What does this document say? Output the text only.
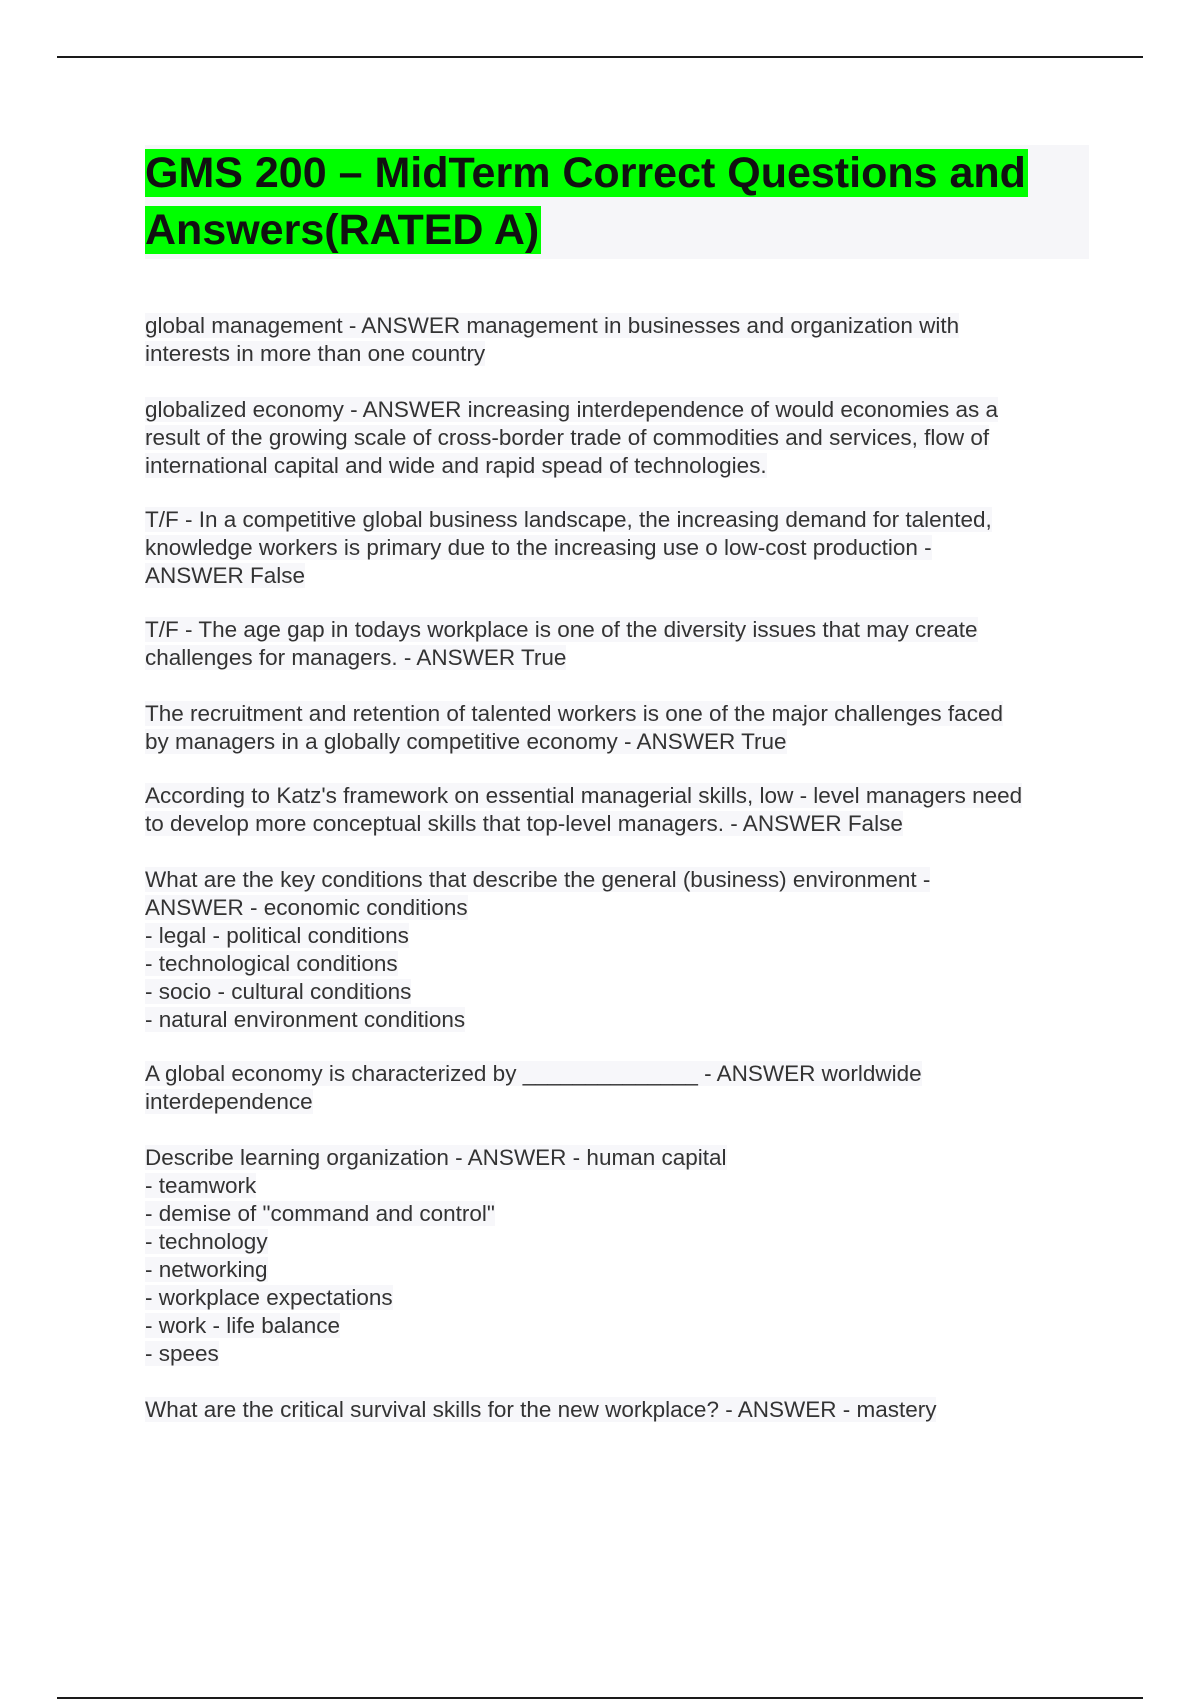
GMS 200 – MidTerm Correct Questions and Answers(RATED A)
global management - ANSWER management in businesses and organization with
interests in more than one country
globalized economy - ANSWER increasing interdependence of would economies as a
result of the growing scale of cross-border trade of commodities and services, flow of
international capital and wide and rapid spead of technologies.
T/F - In a competitive global business landscape, the increasing demand for talented,
knowledge workers is primary due to the increasing use o low-cost production -
ANSWER False
T/F - The age gap in todays workplace is one of the diversity issues that may create
challenges for managers. - ANSWER True
The recruitment and retention of talented workers is one of the major challenges faced
by managers in a globally competitive economy - ANSWER True
According to Katz's framework on essential managerial skills, low - level managers need
to develop more conceptual skills that top-level managers. - ANSWER False
What are the key conditions that describe the general (business) environment -
ANSWER - economic conditions
- legal - political conditions
- technological conditions
- socio - cultural conditions
- natural environment conditions
A global economy is characterized by ______________ - ANSWER worldwide
interdependence
Describe learning organization - ANSWER - human capital
- teamwork
- demise of "command and control"
- technology
- networking
- workplace expectations
- work - life balance
- spees
What are the critical survival skills for the new workplace? - ANSWER - mastery
